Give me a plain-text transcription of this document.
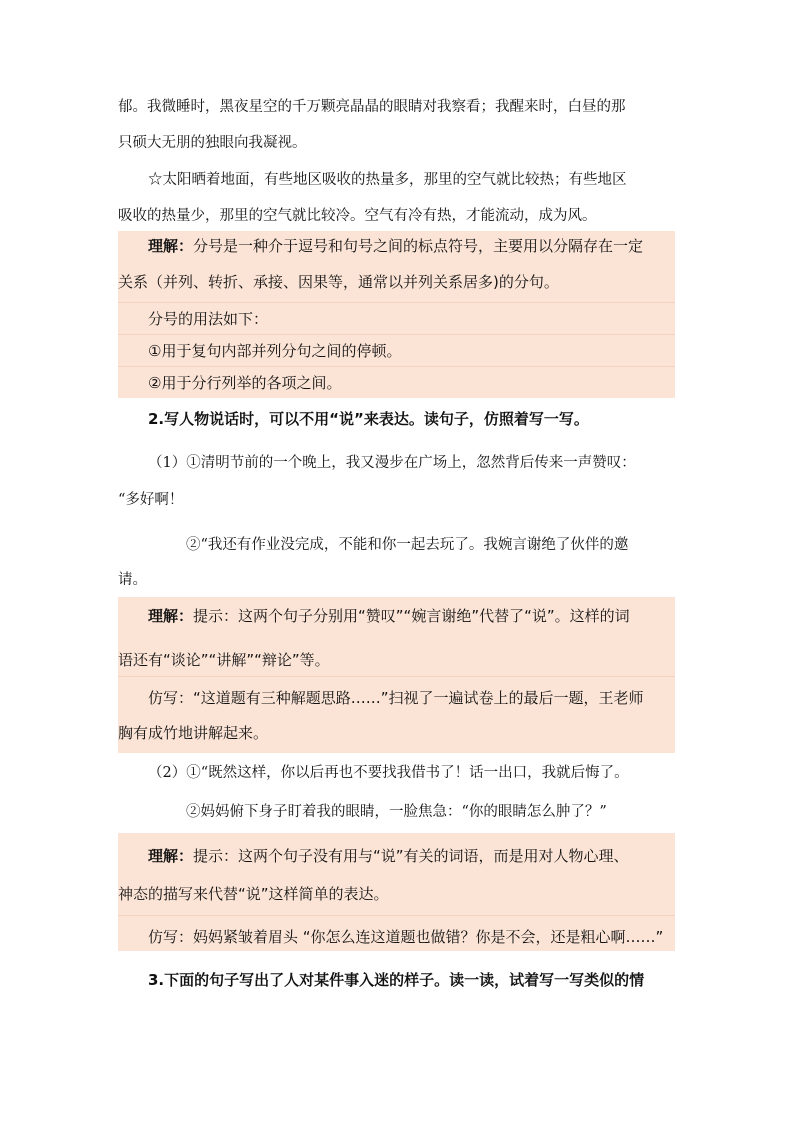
郁。我微睡时，黑夜星空的千万颗亮晶晶的眼睛对我察看；我醒来时，白昼的那
只硕大无朋的独眼向我凝视。
☆太阳晒着地面，有些地区吸收的热量多，那里的空气就比较热；有些地区
吸收的热量少，那里的空气就比较冷。空气有冷有热，才能流动，成为风。
理解：分号是一种介于逗号和句号之间的标点符号，主要用以分隔存在一定
关系（并列、转折、承接、因果等，通常以并列关系居多)的分句。
分号的用法如下：
①用于复句内部并列分句之间的停顿。
②用于分行列举的各项之间。
2.写人物说话时，可以不用“说”来表达。读句子，仿照着写一写。
（1）①清明节前的一个晚上，我又漫步在广场上，忽然背后传来一声赞叹：
“多好啊！
②“我还有作业没完成，不能和你一起去玩了。我婉言谢绝了伙伴的邀
请。
理解：提示：这两个句子分别用“赞叹”“婉言谢绝”代替了“说”。这样的词
语还有“谈论”“讲解”“辩论”等。
仿写：“这道题有三种解题思路……”扫视了一遍试卷上的最后一题，王老师
胸有成竹地讲解起来。
（2）①“既然这样，你以后再也不要找我借书了！话一出口，我就后悔了。
②妈妈俯下身子盯着我的眼睛，一脸焦急：“你的眼睛怎么肿了？”
理解：提示：这两个句子没有用与“说”有关的词语，而是用对人物心理、
神态的描写来代替“说”这样简单的表达。
仿写：妈妈紧皱着眉头 “你怎么连这道题也做错？你是不会，还是粗心啊……”
3.下面的句子写出了人对某件事入迷的样子。读一读，试着写一写类似的情
